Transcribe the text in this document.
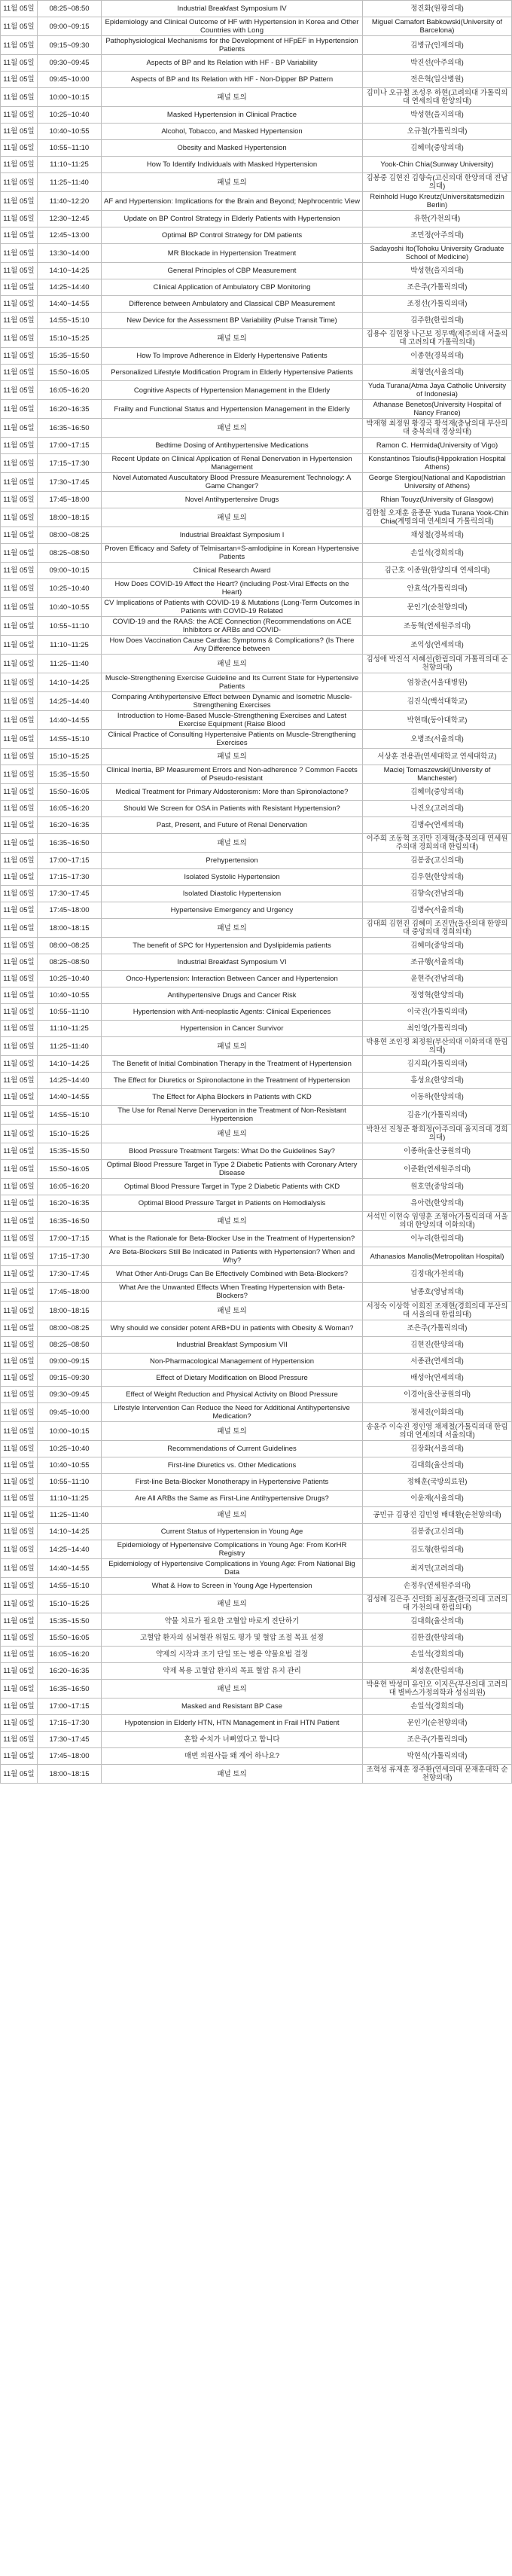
11월 05일	08:25~08:50	Industrial Breakfast Symposium IV	정진화(원광의대)
11월 05일	09:00~09:15	Epidemiology and Clinical Outcome of HF with Hypertension in Korea and Other Countries with Long	Miguel Camafort Babkowski(University of Barcelona)
11월 05일	09:15~09:30	Pathophysiological Mechanisms for the Development of HFpEF in Hypertension Patients	김병규(인제의대)
11월 05일	09:30~09:45	Aspects of BP and Its Relation with HF - BP Variability	박진선(아주의대)
11월 05일	09:45~10:00	Aspects of BP and Its Relation with HF - Non-Dipper BP Pattern	전은혁(일산병원)
11월 05일	10:00~10:15	패널 토의	김미나 오규철 조성우 하현(고려의대 가톨릭의대 연세의대 한양의대)
11월 05일	10:25~10:40	Masked Hypertension in Clinical Practice	박성현(을지의대)
11월 05일	10:40~10:55	Alcohol, Tobacco, and Masked Hypertension	오규철(가톨릭의대)
11월 05일	10:55~11:10	Obesity and Masked Hypertension	김혜미(중앙의대)
11월 05일	11:10~11:25	How To Identify Individuals with Masked Hypertension	Yook-Chin Chia(Sunway University)
11월 05일	11:25~11:40	패널 토의	김봉중 김현진 김향숙(고신의대 한양의대 전남의대)
11월 05일	11:40~12:20	AF and Hypertension: Implications for the Brain and Beyond; Nephrocentric View	Reinhold Hugo Kreutz(Universitatsmedizin Berlin)
11월 05일	12:30~12:45	Update on BP Control Strategy in Elderly Patients with Hypertension	유한(가천의대)
11월 05일	12:45~13:00	Optimal BP Control Strategy for DM patients	조민정(아주의대)
11월 05일	13:30~14:00	MR Blockade in Hypertension Treatment	Sadayoshi Ito(Tohoku University Graduate School of Medicine)
11월 05일	14:10~14:25	General Principles of CBP Measurement	박성현(을지의대)
11월 05일	14:25~14:40	Clinical Application of Ambulatory CBP Monitoring	조은주(가톨릭의대)
11월 05일	14:40~14:55	Difference between Ambulatory and Classical CBP Measurement	조정선(가톨릭의대)
11월 05일	14:55~15:10	New Device for the Assessment BP Variability (Pulse Transit Time)	김주한(한림의대)
11월 05일	15:10~15:25	패널 토의	김용수 김현창 나근보 정무백(제주의대 서울의대 고려의대 가톨릭의대)
11월 05일	15:35~15:50	How To Improve Adherence in Elderly Hypertensive Patients	이종현(경북의대)
11월 05일	15:50~16:05	Personalized Lifestyle Modification Program in Elderly Hypertensive Patients	최형연(서울의대)
11월 05일	16:05~16:20	Cognitive Aspects of Hypertension Management in the Elderly	Yuda Turana(Atma Jaya Catholic University of Indonesia)
11월 05일	16:20~16:35	Frailty and Functional Status and Hypertension Management in the Elderly	Athanase Benetos(University Hospital of Nancy France)
11월 05일	16:35~16:50	패널 토의	박재형 최정원 황경국 황석재(충남의대 부산의대 충북의대 경상의대)
11월 05일	17:00~17:15	Bedtime Dosing of Antihypertensive Medications	Ramon C. Hermida(University of Vigo)
11월 05일	17:15~17:30	Recent Update on Clinical Application of Renal Denervation in Hypertension Management	Konstantinos Tsioufis(Hippokration Hospital Athens)
11월 05일	17:30~17:45	Novel Automated Auscultatory Blood Pressure Measurement Technology: A Game Changer?	George Stergiou(National and Kapodistrian University of Athens)
11월 05일	17:45~18:00	Novel Antihypertensive Drugs	Rhian Touyz(University of Glasgow)
11월 05일	18:00~18:15	패널 토의	김한철 오재훈 윤종문 Yuda Turana Yook-Chin Chia(계명의대 연세의대 가톨릭의대)
11월 05일	08:00~08:25	Industrial Breakfast Symposium I	채성철(경북의대)
11월 05일	08:25~08:50	Proven Efficacy and Safety of Telmisartan+S-amlodipine in Korean Hypertensive Patients	손일석(경희의대)
11월 05일	09:00~10:15	Clinical Research Award	김근호 이종원(한양의대 연세의대)
11월 05일	10:25~10:40	How Does COVID-19 Affect the Heart? (including Post-Viral Effects on the Heart)	안효석(가톨릭의대)
11월 05일	10:40~10:55	CV Implications of Patients with COVID-19 & Mutations (Long-Term Outcomes in Patients with COVID-19 Related	문인기(순천향의대)
11월 05일	10:55~11:10	COVID-19 and the RAAS: the ACE Connection (Recommendations on ACE Inhibitors or ARBs and COVID-	조동혁(연세원주의대)
11월 05일	11:10~11:25	How Does Vaccination Cause Cardiac Symptoms & Complications? (Is There Any Difference between	조익성(연세의대)
11월 05일	11:25~11:40	패널 토의	김성애 박진석 서혜선(한림의대 가톨릭의대 순천향의대)
11월 05일	14:10~14:25	Muscle-Strengthening Exercise Guideline and Its Current State for Hypertensive Patients	엄창준(서울대병원)
11월 05일	14:25~14:40	Comparing Antihypertensive Effect between Dynamic and Isometric Muscle-Strengthening Exercises	김진식(백석대학교)
11월 05일	14:40~14:55	Introduction to Home-Based Muscle-Strengthening Exercises and Latest Exercise Equipment (Raise Blood	박현태(동아대학교)
11월 05일	14:55~15:10	Clinical Practice of Consulting Hypertensive Patients on Muscle-Strengthening Exercises	오병조(서울의대)
11월 05일	15:10~15:25	패널 토의	서상훈 전용관(연세대학교 연세대학교)
11월 05일	15:35~15:50	Clinical Inertia, BP Measurement Errors and Non-adherence ? Common Facets of Pseudo-resistant	Maciej Tomaszewski(University of Manchester)
11월 05일	15:50~16:05	Medical Treatment for Primary Aldosteronism: More than Spironolactone?	김혜미(중앙의대)
11월 05일	16:05~16:20	Should We Screen for OSA in Patients with Resistant Hypertension?	나진오(고려의대)
11월 05일	16:20~16:35	Past, Present, and Future of Renal Denervation	김병수(연세의대)
11월 05일	16:35~16:50	패널 토의	이주희 조동혁 조진만 진재혁(충북의대 연세원주의대 경희의대 한림의대)
11월 05일	17:00~17:15	Prehypertension	김봉중(고신의대)
11월 05일	17:15~17:30	Isolated Systolic Hypertension	김우현(한양의대)
11월 05일	17:30~17:45	Isolated Diastolic Hypertension	김향숙(전남의대)
11월 05일	17:45~18:00	Hypertensive Emergency and Urgency	김병수(서울의대)
11월 05일	18:00~18:15	패널 토의	김대희 김현진 김혜미 조진만(울산의대 한양의대 중앙의대 경희의대)
11월 05일	08:00~08:25	The benefit of SPC for Hypertension and Dyslipidemia patients	김혜미(중앙의대)
11월 05일	08:25~08:50	Industrial Breakfast Symposium VI	조규행(서울의대)
11월 05일	10:25~10:40	Onco-Hypertension: Interaction Between Cancer and Hypertension	윤현주(전남의대)
11월 05일	10:40~10:55	Antihypertensive Drugs and Cancer Risk	정영혁(한양의대)
11월 05일	10:55~11:10	Hypertension with Anti-neoplastic Agents: Clinical Experiences	이국진(가톨릭의대)
11월 05일	11:10~11:25	Hypertension in Cancer Survivor	최인영(가톨릭의대)
11월 05일	11:25~11:40	패널 토의	박용현 조인정 최정원(부산의대 이화의대 한림의대)
11월 05일	14:10~14:25	The Benefit of Initial Combination Therapy in the Treatment of Hypertension	김지희(가톨릭의대)
11월 05일	14:25~14:40	The Effect for Diuretics or Spironolactone in the Treatment of Hypertension	홍성요(한양의대)
11월 05일	14:40~14:55	The Effect for Alpha Blockers in Patients with CKD	이동하(한양의대)
11월 05일	14:55~15:10	The Use for Renal Nerve Denervation in the Treatment of Non-Resistant Hypertension	김윤기(가톨릭의대)
11월 05일	15:10~15:25	패널 토의	박찬선 진청준 황희정(아주의대 울지의대 경희의대)
11월 05일	15:35~15:50	Blood Pressure Treatment Targets: What Do the Guidelines Say?	이종하(울산공원의대)
11월 05일	15:50~16:05	Optimal Blood Pressure Target in Type 2 Diabetic Patients with Coronary Artery Disease	이준환(연세원주의대)
11월 05일	16:05~16:20	Optimal Blood Pressure Target in Type 2 Diabetic Patients with CKD	원호연(중앙의대)
11월 05일	16:20~16:35	Optimal Blood Pressure Target in Patients on Hemodialysis	유아련(한양의대)
11월 05일	16:35~16:50	패널 토의	서석민 이현숙 임영훈 조형아(가톨릭의대 서울의대 한양의대 이화의대)
11월 05일	17:00~17:15	What is the Rationale for Beta-Blocker Use in the Treatment of Hypertension?	이누리(한림의대)
11월 05일	17:15~17:30	Are Beta-Blockers Still Be Indicated in Patients with Hypertension? When and Why?	Athanasios Manolis(Metropolitan Hospital)
11월 05일	17:30~17:45	What Other Anti-Drugs Can Be Effectively Combined with Beta-Blockers?	김정대(가천의대)
11월 05일	17:45~18:00	What Are the Unwanted Effects When Treating Hypertension with Beta-Blockers?	남종호(영남의대)
11월 05일	18:00~18:15	패널 토의	서정숙 이상학 이희진 조재현(경희의대 부산의대 서울의대 한림의대)
11월 05일	08:00~08:25	Why should we consider potent ARB+DU in patients with Obesity & Woman?	조은주(가톨릭의대)
11월 05일	08:25~08:50	Industrial Breakfast Symposium VII	김현진(한양의대)
11월 05일	09:00~09:15	Non-Pharmacological Management of Hypertension	서종관(연세의대)
11월 05일	09:15~09:30	Effect of Dietary Modification on Blood Pressure	배성아(연세의대)
11월 05일	09:30~09:45	Effect of Weight Reduction and Physical Activity on Blood Pressure	이경아(울산공원의대)
11월 05일	09:45~10:00	Lifestyle Intervention Can Reduce the Need for Additional Antihypertensive Medication?	정세진(이화의대)
11월 05일	10:00~10:15	패널 토의	송윤주 이숙진 정인영 채제철(가톨릭의대 한림의대 연세의대 서울의대)
11월 05일	10:25~10:40	Recommendations of Current Guidelines	김장화(서울의대)
11월 05일	10:40~10:55	First-line Diuretics vs. Other Medications	김대희(울산의대)
11월 05일	10:55~11:10	First-line Beta-Blocker Monotherapy in Hypertensive Patients	정해훈(국방의료원)
11월 05일	11:10~11:25	Are All ARBs the Same as First-Line Antihypertensive Drugs?	이윤재(서울의대)
11월 05일	11:25~11:40	패널 토의	공민규 김광진 김민영 배대환(순천향의대)
11월 05일	14:10~14:25	Current Status of Hypertension in Young Age	김봉중(고신의대)
11월 05일	14:25~14:40	Epidemiology of Hypertensive Complications in Young Age: From KorHR Registry	김도형(한림의대)
11월 05일	14:40~14:55	Epidemiology of Hypertensive Complications in Young Age: From National Big Data	최지민(고려의대)
11월 05일	14:55~15:10	What & How to Screen in Young Age Hypertension	손정우(연세원주의대)
11월 05일	15:10~15:25	패널 토의	김성례 김은주 신덕화 최성훈(한국의대 고려의대 가천의대 한림의대)
11월 05일	15:35~15:50	약물 치료가 필요한 고혈압 바로게 진단하기	김대희(울산의대)
11월 05일	15:50~16:05	고혈압 환자의 심뇌혈관 위험도 평가 및 혈압 조절 목표 설정	김한결(한양의대)
11월 05일	16:05~16:20	약제의 시작과 조기 단일 또는 병용 약물요법 결정	손일석(경희의대)
11월 05일	16:20~16:35	약제 복용 고혈압 환자의 목표 혈압 유지 관리	최성훈(한림의대)
11월 05일	16:35~16:50	패널 토의	박용현 박성미 유인오 이지은(부산의대 고려의대 별바스가정의학과 성심의원)
11월 05일	17:00~17:15	Masked and Resistant BP Case	손일석(경희의대)
11월 05일	17:15~17:30	Hypotension in Elderly HTN, HTN Management in Frail HTN Patient	문인기(순천향의대)
11월 05일	17:30~17:45	혼합 수치가 너뻐였다고 합니다	조은주(가톨릭의대)
11월 05일	17:45~18:00	매번 의원사들 왜 계어 하나요?	박현석(가톨릭의대)
11월 05일	18:00~18:15	패널 토의	조혁성 류재훈 정주환(연세의대 문재훈대학 순천향의대)
